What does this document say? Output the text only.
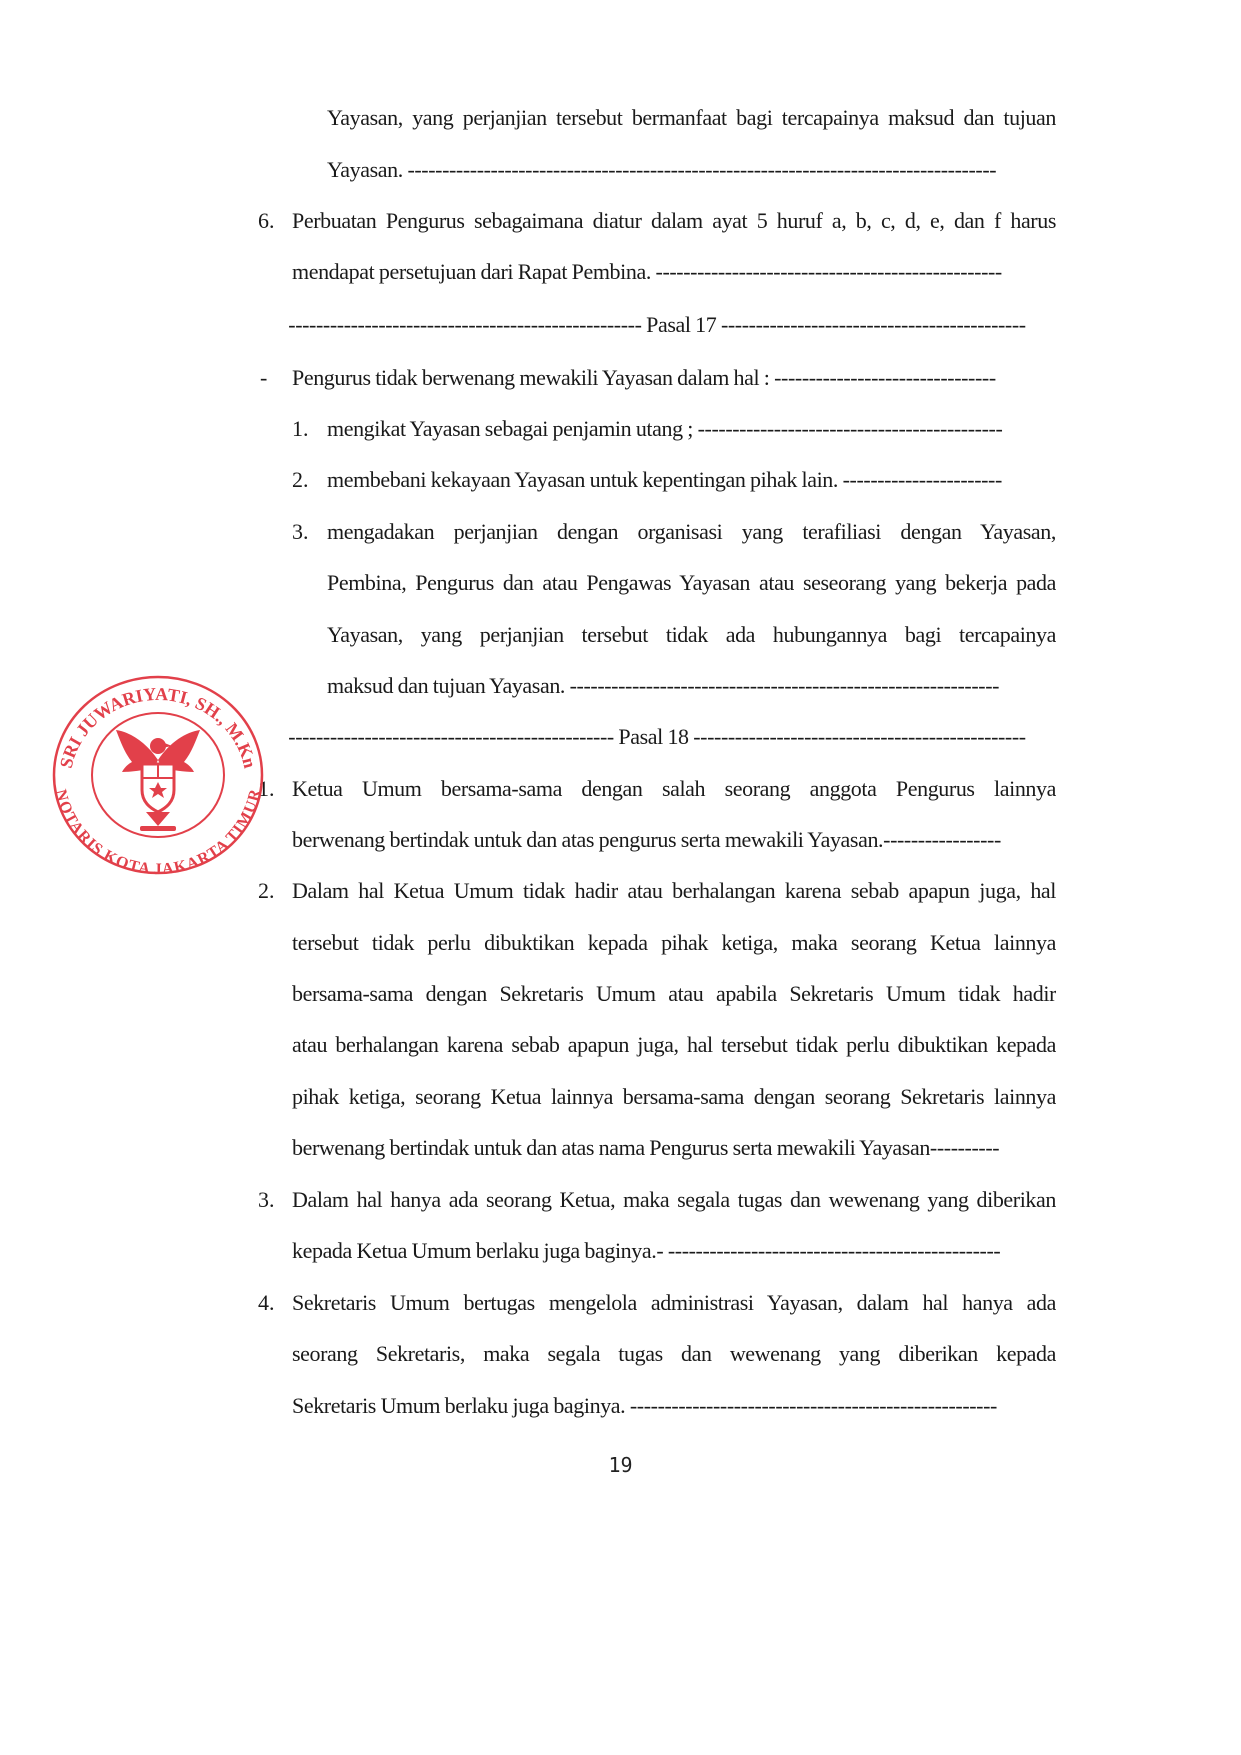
Yayasan, yang perjanjian tersebut bermanfaat bagi tercapainya maksud dan tujuan
Yayasan. -------------------------------------------------------------------------------------
6. Perbuatan Pengurus sebagaimana diatur dalam ayat 5 huruf a, b, c, d, e, dan f harus
mendapat persetujuan dari Rapat Pembina. --------------------------------------------------
--------------------------------------------------- Pasal 17 --------------------------------------------
- Pengurus tidak berwenang mewakili Yayasan dalam hal : --------------------------------
1. mengikat Yayasan sebagai penjamin utang ; --------------------------------------------
2. membebani kekayaan Yayasan untuk kepentingan pihak lain. -----------------------
3. mengadakan perjanjian dengan organisasi yang terafiliasi dengan Yayasan,
Pembina, Pengurus dan atau Pengawas Yayasan atau seseorang yang bekerja pada
Yayasan, yang perjanjian tersebut tidak ada hubungannya bagi tercapainya
maksud dan tujuan Yayasan. --------------------------------------------------------------
----------------------------------------------- Pasal 18 ------------------------------------------------
1. Ketua Umum bersama-sama dengan salah seorang anggota Pengurus lainnya
berwenang bertindak untuk dan atas pengurus serta mewakili Yayasan.-----------------
2. Dalam hal Ketua Umum tidak hadir atau berhalangan karena sebab apapun juga, hal
tersebut tidak perlu dibuktikan kepada pihak ketiga, maka seorang Ketua lainnya
bersama-sama dengan Sekretaris Umum atau apabila Sekretaris Umum tidak hadir
atau berhalangan karena sebab apapun juga, hal tersebut tidak perlu dibuktikan kepada
pihak ketiga, seorang Ketua lainnya bersama-sama dengan seorang Sekretaris lainnya
berwenang bertindak untuk dan atas nama Pengurus serta mewakili Yayasan----------
3. Dalam hal hanya ada seorang Ketua, maka segala tugas dan wewenang yang diberikan
kepada Ketua Umum berlaku juga baginya.- ------------------------------------------------
4. Sekretaris Umum bertugas mengelola administrasi Yayasan, dalam hal hanya ada
seorang Sekretaris, maka segala tugas dan wewenang yang diberikan kepada
Sekretaris Umum berlaku juga baginya. -----------------------------------------------------
19
SRI JUWARIYATI, SH., M.Kn
NOTARIS KOTA JAKARTA TIMUR
